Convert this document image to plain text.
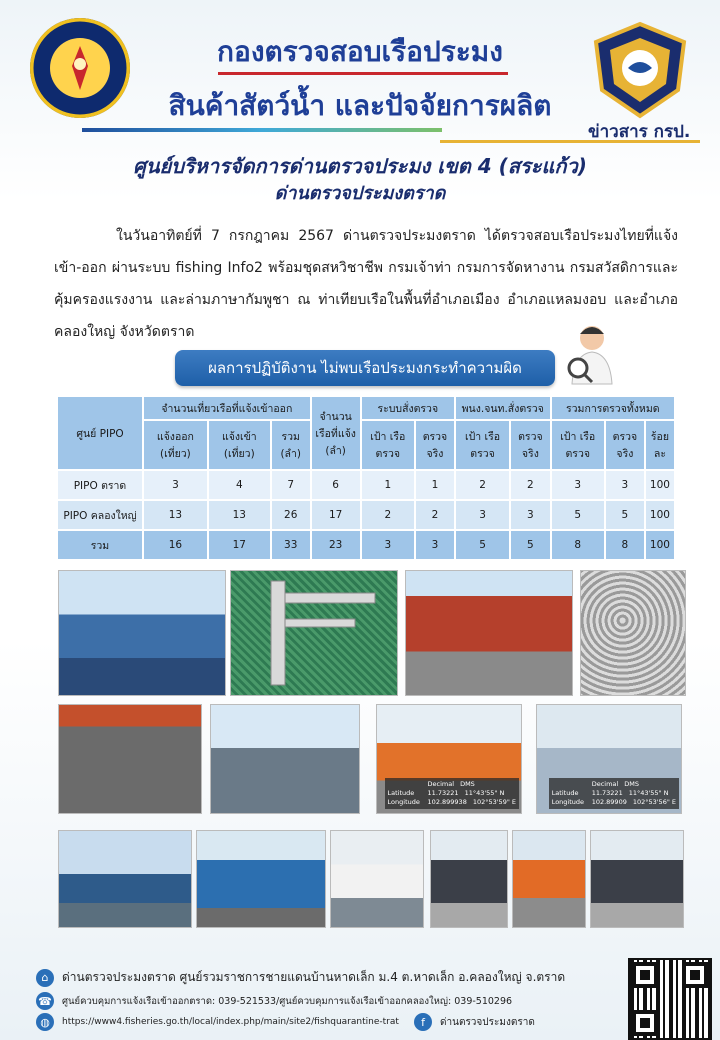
กองตรวจสอบเรือประมง
สินค้าสัตว์น้ำ และปัจจัยการผลิต
ข่าวสาร กรป.
ศูนย์บริหารจัดการด่านตรวจประมง เขต 4 (สระแก้ว)
ด่านตรวจประมงตราด
ในวันอาทิตย์ที่ 7 กรกฎาคม 2567 ด่านตรวจประมงตราด ได้ตรวจสอบเรือประมงไทยที่แจ้งเข้า-ออก ผ่านระบบ fishing Info2 พร้อมชุดสหวิชาชีพ กรมเจ้าท่า กรมการจัดหางาน กรมสวัสดิการและคุ้มครองแรงงาน และล่ามภาษากัมพูชา ณ ท่าเทียบเรือในพื้นที่อำเภอเมือง อำเภอแหลมงอบ และอำเภอคลองใหญ่ จังหวัดตราด
ผลการปฏิบัติงาน ไม่พบเรือประมงกระทำความผิด
ศูนย์ PIPO	จำนวนเที่ยวเรือที่แจ้งเข้าออก			จำนวน เรือที่แจ้ง (ลำ)	ระบบสั่งตรวจ		พนง.จนท.สั่งตรวจ		รวมการตรวจทั้งหมด		
	แจ้งออก (เที่ยว)	แจ้งเข้า (เที่ยว)	รวม (ลำ)		เป้า เรือตรวจ	ตรวจจริง	เป้า เรือตรวจ	ตรวจจริง	เป้า เรือตรวจ	ตรวจจริง	ร้อยละ
PIPO ตราด	3	4	7	6	1	1	2	2	3	3	100
PIPO คลองใหญ่	13	13	26	17	2	2	3	3	5	5	100
รวม	16	17	33	23	3	3	5	5	8	8	100
Decimal DMS
Latitude	11.73221 11°43'55" N
Longitude 102.899938 102°53'59" E
Decimal DMS
Latitude	11.73221 11°43'55" N
Longitude 102.89909 102°53'56" E
⌂	ด่านตรวจประมงตราด ศูนย์รวมราชการชายแดนบ้านหาดเล็ก ม.4 ต.หาดเล็ก อ.คลองใหญ่ จ.ตราด
☎ ศูนย์ควบคุมการแจ้งเรือเข้าออกตราด: 039-521533/ศูนย์ควบคุมการแจ้งเรือเข้าออกคลองใหญ่: 039-510296
◍	https://www4.fisheries.go.th/local/index.php/main/site2/fishquarantine-trat	f	ด่านตรวจประมงตราด
